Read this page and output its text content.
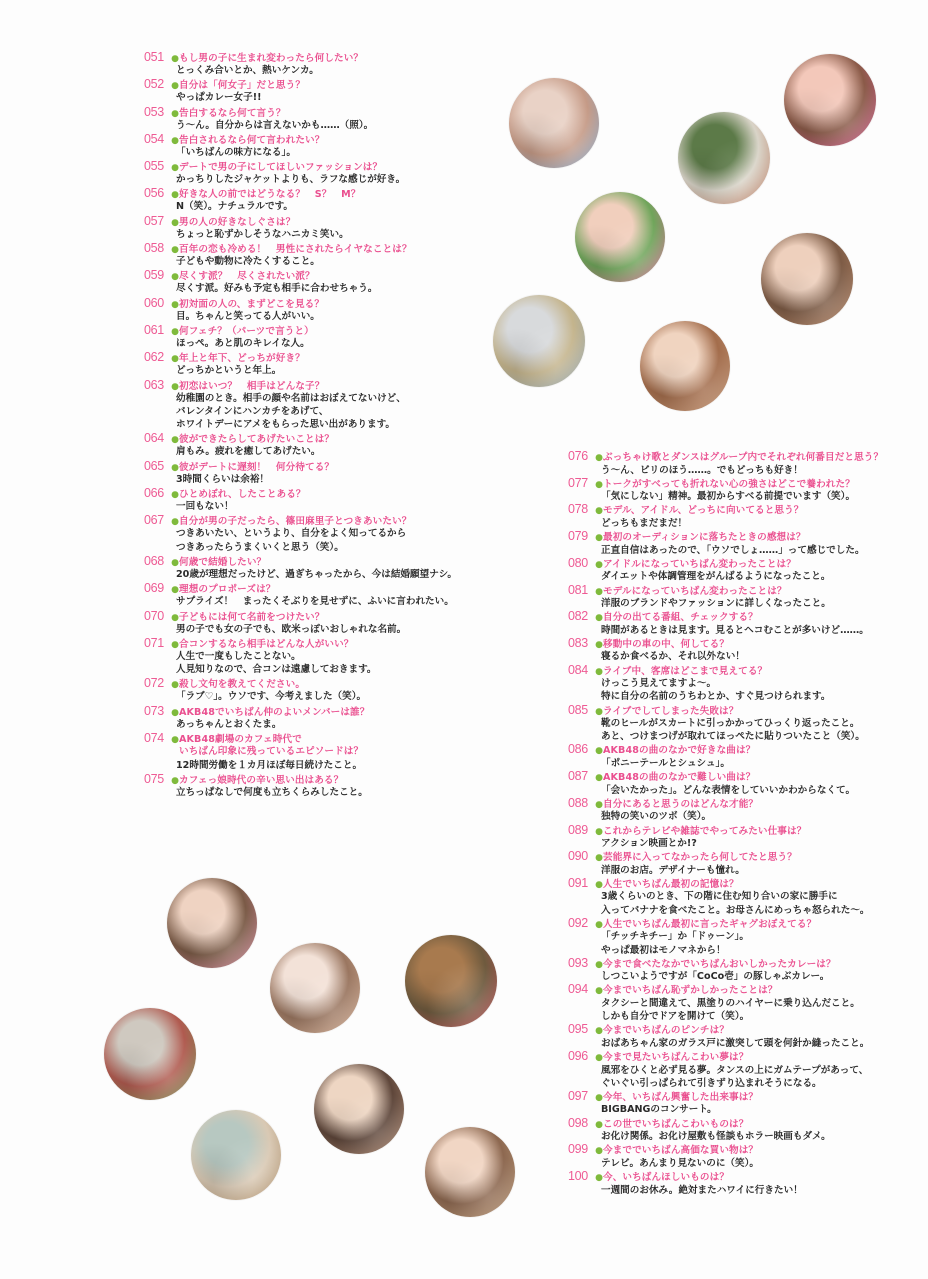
051 ● もし男の子に生まれ変わったら何したい？
とっくみ合いとか、熱いケンカ。
052 ● 自分は「何女子」だと思う？
やっぱカレー女子!!
053 ● 告白するなら何て言う？
う～ん。自分からは言えないかも……（照）。
054 ● 告白されるなら何て言われたい？
「いちばんの味方になる」。
055 ● デートで男の子にしてほしいファッションは？
かっちりしたジャケットよりも、ラフな感じが好き。
056 ● 好きな人の前ではどうなる？　S？　M？
N（笑）。ナチュラルです。
057 ● 男の人の好きなしぐさは？
ちょっと恥ずかしそうなハニカミ笑い。
058 ● 百年の恋も冷める！　男性にされたらイヤなことは？
子どもや動物に冷たくすること。
059 ● 尽くす派？　尽くされたい派？
尽くす派。好みも予定も相手に合わせちゃう。
060 ● 初対面の人の、まずどこを見る？
目。ちゃんと笑ってる人がいい。
061 ● 何フェチ？（パーツで言うと）
ほっぺ。あと肌のキレイな人。
062 ● 年上と年下、どっちが好き？
どっちかというと年上。
063 ● 初恋はいつ？　相手はどんな子？
幼稚園のとき。相手の顔や名前はおぼえてないけど、
バレンタインにハンカチをあげて、
ホワイトデーにアメをもらった思い出があります。
064 ● 彼ができたらしてあげたいことは？
肩もみ。疲れを癒してあげたい。
065 ● 彼がデートに遅刻！　何分待てる？
3時間くらいは余裕！
066 ● ひとめぼれ、したことある？
一回もない！
067 ● 自分が男の子だったら、篠田麻里子とつきあいたい？
つきあいたい、というより、自分をよく知ってるから
つきあったらうまくいくと思う（笑）。
068 ● 何歳で結婚したい？
20歳が理想だったけど、過ぎちゃったから、今は結婚願望ナシ。
069 ● 理想のプロポーズは？
サプライズ！　まったくそぶりを見せずに、ふいに言われたい。
070 ● 子どもには何て名前をつけたい？
男の子でも女の子でも、欧米っぽいおしゃれな名前。
071 ● 合コンするなら相手はどんな人がいい？
人生で一度もしたことない。
人見知りなので、合コンは遠慮しておきます。
072 ● 殺し文句を教えてください。
「ラブ♡」。ウソです、今考えました（笑）。
073 ● AKB48でいちばん仲のよいメンバーは誰？
あっちゃんとおくたま。
074 ● AKB48劇場のカフェ時代で
いちばん印象に残っているエピソードは？
12時間労働を１カ月ほぼ毎日続けたこと。
075 ● カフェっ娘時代の辛い思い出はある？
立ちっぱなしで何度も立ちくらみしたこと。
076 ● ぶっちゃけ歌とダンスはグループ内でそれぞれ何番目だと思う？
う～ん、ビリのほう……。でもどっちも好き！
077 ● トークがすべっても折れない心の強さはどこで養われた？
「気にしない」精神。最初からすべる前提でいます（笑）。
078 ● モデル、アイドル、どっちに向いてると思う？
どっちもまだまだ！
079 ● 最初のオーディションに落ちたときの感想は？
正直自信はあったので、「ウソでしょ……」って感じでした。
080 ● アイドルになっていちばん変わったことは？
ダイエットや体調管理をがんばるようになったこと。
081 ● モデルになっていちばん変わったことは？
洋服のブランドやファッションに詳しくなったこと。
082 ● 自分の出てる番組、チェックする？
時間があるときは見ます。見るとヘコむことが多いけど……。
083 ● 移動中の車の中、何してる？
寝るか食べるか、それ以外ない！
084 ● ライブ中、客席はどこまで見えてる？
けっこう見えてますよ～。
特に自分の名前のうちわとか、すぐ見つけられます。
085 ● ライブでしてしまった失敗は？
靴のヒールがスカートに引っかかってひっくり返ったこと。
あと、つけまつげが取れてほっぺたに貼りついたこと（笑）。
086 ● AKB48の曲のなかで好きな曲は？
「ポニーテールとシュシュ」。
087 ● AKB48の曲のなかで難しい曲は？
「会いたかった」。どんな表情をしていいかわからなくて。
088 ● 自分にあると思うのはどんな才能？
独特の笑いのツボ（笑）。
089 ● これからテレビや雑誌でやってみたい仕事は？
アクション映画とか!?
090 ● 芸能界に入ってなかったら何してたと思う？
洋服のお店。デザイナーも憧れ。
091 ● 人生でいちばん最初の記憶は？
3歳くらいのとき、下の階に住む知り合いの家に勝手に
入ってバナナを食べたこと。お母さんにめっちゃ怒られた～。
092 ● 人生でいちばん最初に言ったギャグおぼえてる？
「チッチキチー」か「ドゥーン」。
やっぱ最初はモノマネから！
093 ● 今まで食べたなかでいちばんおいしかったカレーは？
しつこいようですが「CoCo壱」の豚しゃぶカレー。
094 ● 今までいちばん恥ずかしかったことは？
タクシーと間違えて、黒塗りのハイヤーに乗り込んだこと。
しかも自分でドアを開けて（笑）。
095 ● 今までいちばんのピンチは？
おばあちゃん家のガラス戸に激突して頭を何針か縫ったこと。
096 ● 今まで見たいちばんこわい夢は？
風邪をひくと必ず見る夢。タンスの上にガムテープがあって、
ぐいぐい引っぱられて引きずり込まれそうになる。
097 ● 今年、いちばん興奮した出来事は？
BIGBANGのコンサート。
098 ● この世でいちばんこわいものは？
お化け関係。お化け屋敷も怪談もホラー映画もダメ。
099 ● 今まででいちばん高価な買い物は？
テレビ。あんまり見ないのに（笑）。
100 ● 今、いちばんほしいものは？
一週間のお休み。絶対またハワイに行きたい！
